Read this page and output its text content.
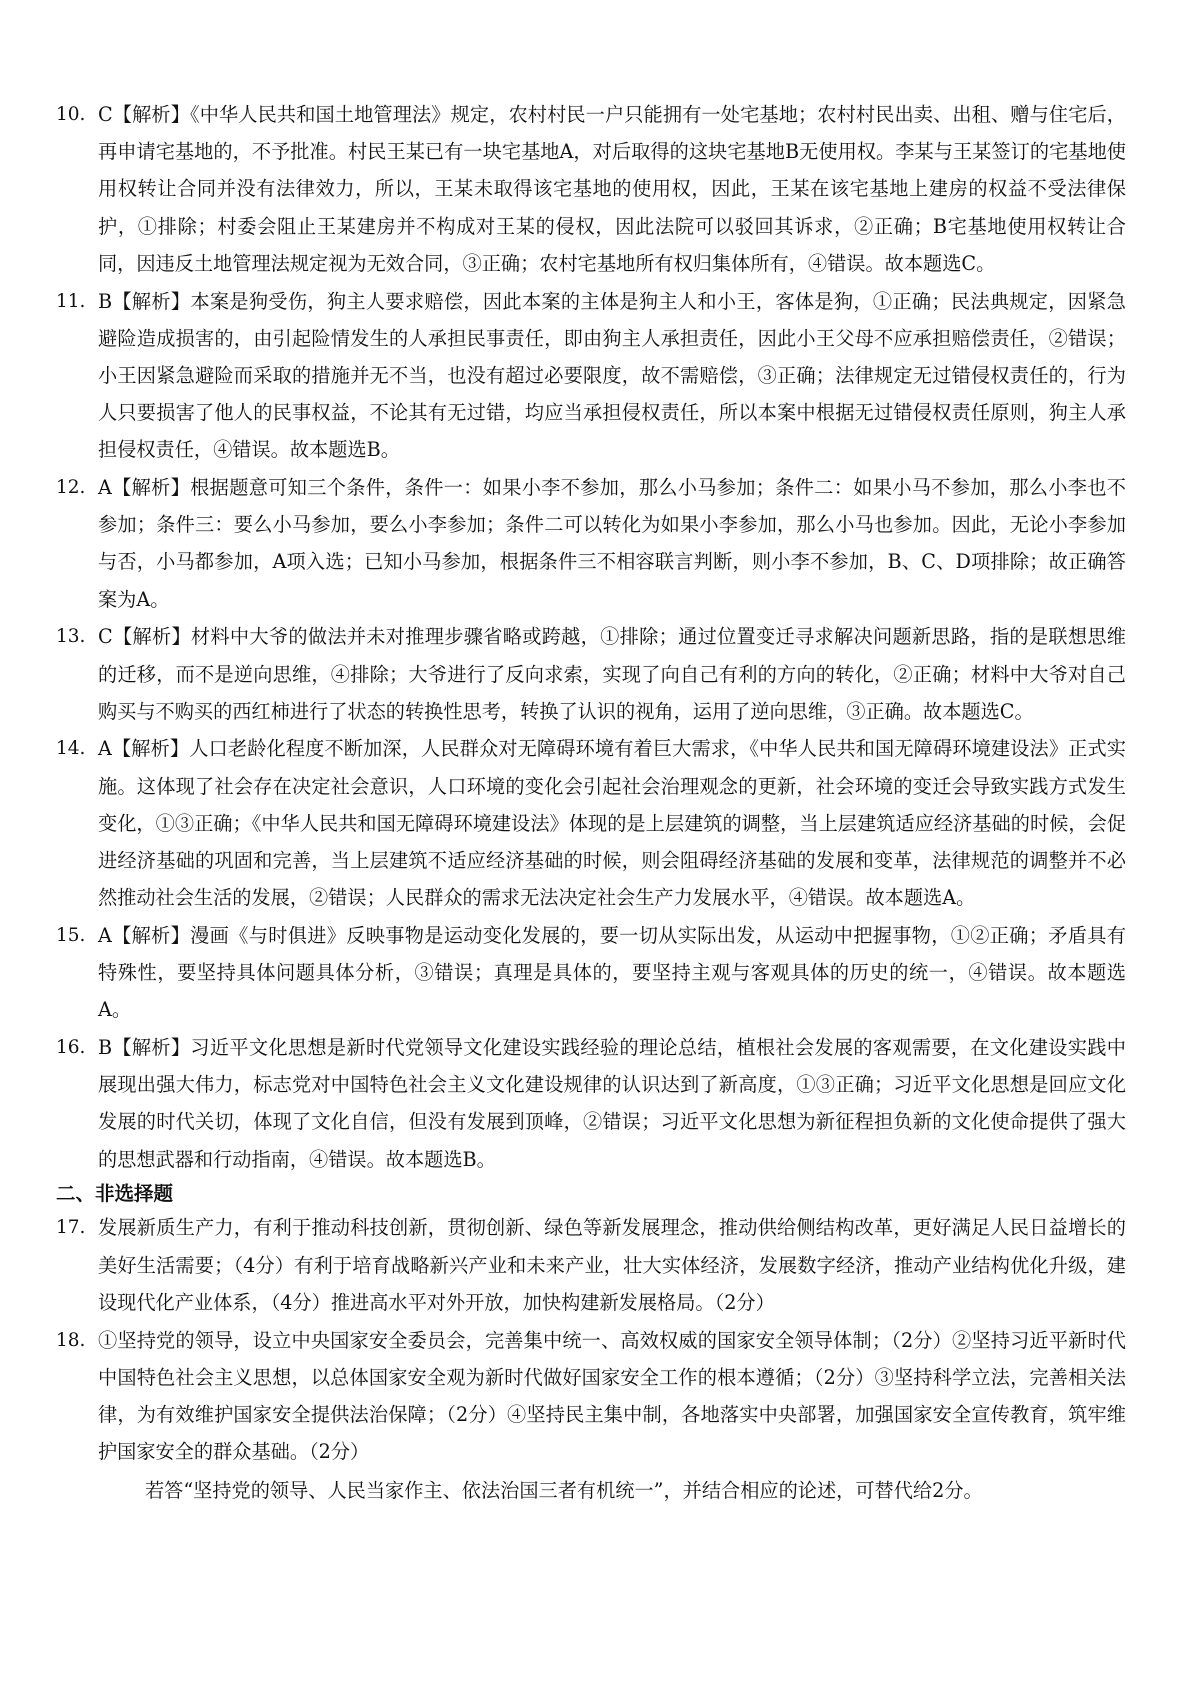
10. C【解析】《中华人民共和国土地管理法》规定，农村村民一户只能拥有一处宅基地；农村村民出卖、出租、赠与住宅后，再申请宅基地的，不予批准。村民王某已有一块宅基地A，对后取得的这块宅基地B无使用权。李某与王某签订的宅基地使用权转让合同并没有法律效力，所以，王某未取得该宅基地的使用权，因此，王某在该宅基地上建房的权益不受法律保护，①排除；村委会阻止王某建房并不构成对王某的侵权，因此法院可以驳回其诉求，②正确；B宅基地使用权转让合同，因违反土地管理法规定视为无效合同，③正确；农村宅基地所有权归集体所有，④错误。故本题选C。
11. B【解析】本案是狗受伤，狗主人要求赔偿，因此本案的主体是狗主人和小王，客体是狗，①正确；民法典规定，因紧急避险造成损害的，由引起险情发生的人承担民事责任，即由狗主人承担责任，因此小王父母不应承担赔偿责任，②错误；小王因紧急避险而采取的措施并无不当，也没有超过必要限度，故不需赔偿，③正确；法律规定无过错侵权责任的，行为人只要损害了他人的民事权益，不论其有无过错，均应当承担侵权责任，所以本案中根据无过错侵权责任原则，狗主人承担侵权责任，④错误。故本题选B。
12. A【解析】根据题意可知三个条件，条件一：如果小李不参加，那么小马参加；条件二：如果小马不参加，那么小李也不参加；条件三：要么小马参加，要么小李参加；条件二可以转化为如果小李参加，那么小马也参加。因此，无论小李参加与否，小马都参加，A项入选；已知小马参加，根据条件三不相容联言判断，则小李不参加，B、C、D项排除；故正确答案为A。
13. C【解析】材料中大爷的做法并未对推理步骤省略或跨越，①排除；通过位置变迁寻求解决问题新思路，指的是联想思维的迁移，而不是逆向思维，④排除；大爷进行了反向求索，实现了向自己有利的方向的转化，②正确；材料中大爷对自己购买与不购买的西红柿进行了状态的转换性思考，转换了认识的视角，运用了逆向思维，③正确。故本题选C。
14. A【解析】人口老龄化程度不断加深，人民群众对无障碍环境有着巨大需求，《中华人民共和国无障碍环境建设法》正式实施。这体现了社会存在决定社会意识，人口环境的变化会引起社会治理观念的更新，社会环境的变迁会导致实践方式发生变化，①③正确；《中华人民共和国无障碍环境建设法》体现的是上层建筑的调整，当上层建筑适应经济基础的时候，会促进经济基础的巩固和完善，当上层建筑不适应经济基础的时候，则会阻碍经济基础的发展和变革，法律规范的调整并不必然推动社会生活的发展，②错误；人民群众的需求无法决定社会生产力发展水平，④错误。故本题选A。
15. A【解析】漫画《与时俱进》反映事物是运动变化发展的，要一切从实际出发，从运动中把握事物，①②正确；矛盾具有特殊性，要坚持具体问题具体分析，③错误；真理是具体的，要坚持主观与客观具体的历史的统一，④错误。故本题选A。
16. B【解析】习近平文化思想是新时代党领导文化建设实践经验的理论总结，植根社会发展的客观需要，在文化建设实践中展现出强大伟力，标志党对中国特色社会主义文化建设规律的认识达到了新高度，①③正确；习近平文化思想是回应文化发展的时代关切，体现了文化自信，但没有发展到顶峰，②错误；习近平文化思想为新征程担负新的文化使命提供了强大的思想武器和行动指南，④错误。故本题选B。
二、非选择题
17. 发展新质生产力，有利于推动科技创新，贯彻创新、绿色等新发展理念，推动供给侧结构改革，更好满足人民日益增长的美好生活需要；（4分）有利于培育战略新兴产业和未来产业，壮大实体经济，发展数字经济，推动产业结构优化升级，建设现代化产业体系，（4分）推进高水平对外开放，加快构建新发展格局。（2分）
18. ①坚持党的领导，设立中央国家安全委员会，完善集中统一、高效权威的国家安全领导体制；（2分）②坚持习近平新时代中国特色社会主义思想，以总体国家安全观为新时代做好国家安全工作的根本遵循；（2分）③坚持科学立法，完善相关法律，为有效维护国家安全提供法治保障；（2分）④坚持民主集中制，各地落实中央部署，加强国家安全宣传教育，筑牢维护国家安全的群众基础。（2分）
若答“坚持党的领导、人民当家作主、依法治国三者有机统一”，并结合相应的论述，可替代给2分。
